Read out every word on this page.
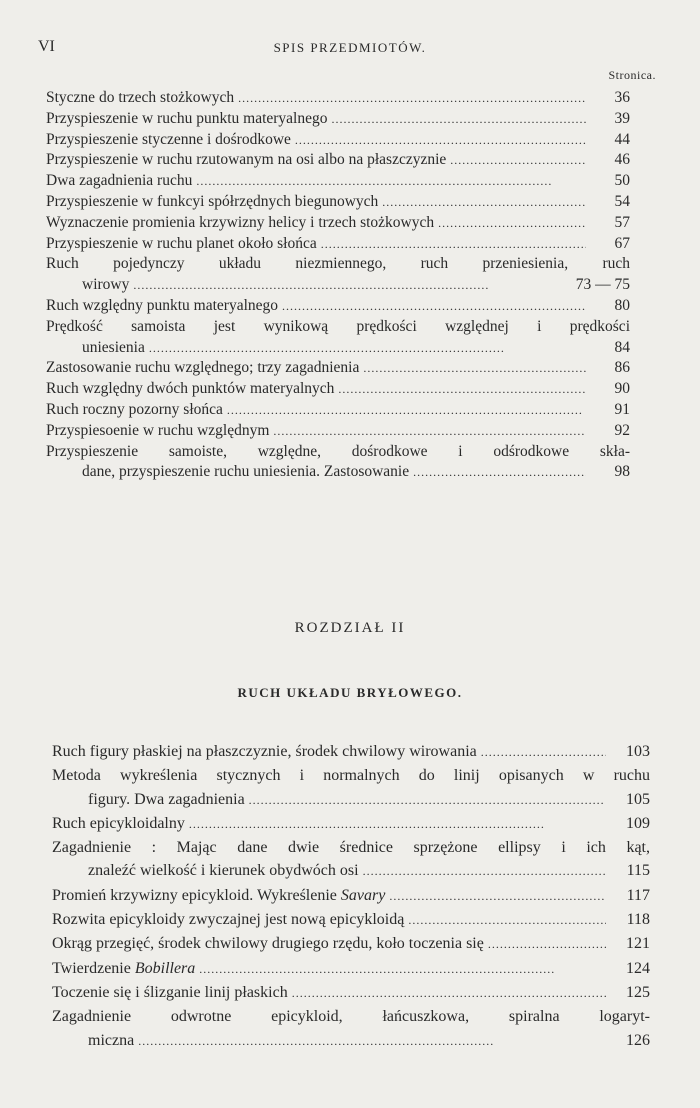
VI	SPIS PRZEDMIOTÓW.
Stronica.
Styczne do trzech stożkowych . . .	36
Przyspieszenie w ruchu punktu materyalnego . . .	39
Przyspieszenie styczenne i dośrodkowe . . .	44
Przyspieszenie w ruchu rzutowanym na osi albo na płaszczyznie . . .	46
Dwa zagadnienia ruchu . . .	50
Przyspieszenie w funkcyi spółrzędnych biegunowych . . .	54
Wyznaczenie promienia krzywizny helicy i trzech stożkowych . . .	57
Przyspieszenie w ruchu planet około słońca . . .	67
Ruch pojedynczy układu niezmiennego, ruch przeniesienia, ruch
wirowy . . .	73 — 75
Ruch względny punktu materyalnego . . .	80
Prędkość samoista jest wynikową prędkości względnej i prędkości
uniesienia . . .	84
Zastosowanie ruchu względnego; trzy zagadnienia . . .	86
Ruch względny dwóch punktów materyalnych . . .	90
Ruch roczny pozorny słońca . . .	91
Przyspiesoenie w ruchu względnym . . .	92
Przyspieszenie samoiste, względne, dośrodkowe i odśrodkowe skła-
dane, przyspieszenie ruchu uniesienia. Zastosowanie . . .	98
ROZDZIAŁ II
RUCH UKŁADU BRYŁOWEGO.
Ruch figury płaskiej na płaszczyznie, środek chwilowy wirowania . . .	103
Metoda wykreślenia stycznych i normalnych do linij opisanych w ruchu
figury. Dwa zagadnienia . . .	105
Ruch epicykloidalny . . .	109
Zagadnienie : Mając dane dwie średnice sprzężone ellipsy i ich kąt,
znaleźć wielkość i kierunek obydwóch osi . . .	115
Promień krzywizny epicykloid. Wykreślenie Savary . . .	117
Rozwita epicykloidy zwyczajnej jest nową epicykloidą . . .	118
Okrąg przegięć, środek chwilowy drugiego rzędu, koło toczenia się . . .	121
Twierdzenie Bobillera . . .	124
Toczenie się i ślizganie linij płaskich . . .	125
Zagadnienie odwrotne epicykloid, łańcuszkowa, spiralna logaryt-
miczna . . .	126
